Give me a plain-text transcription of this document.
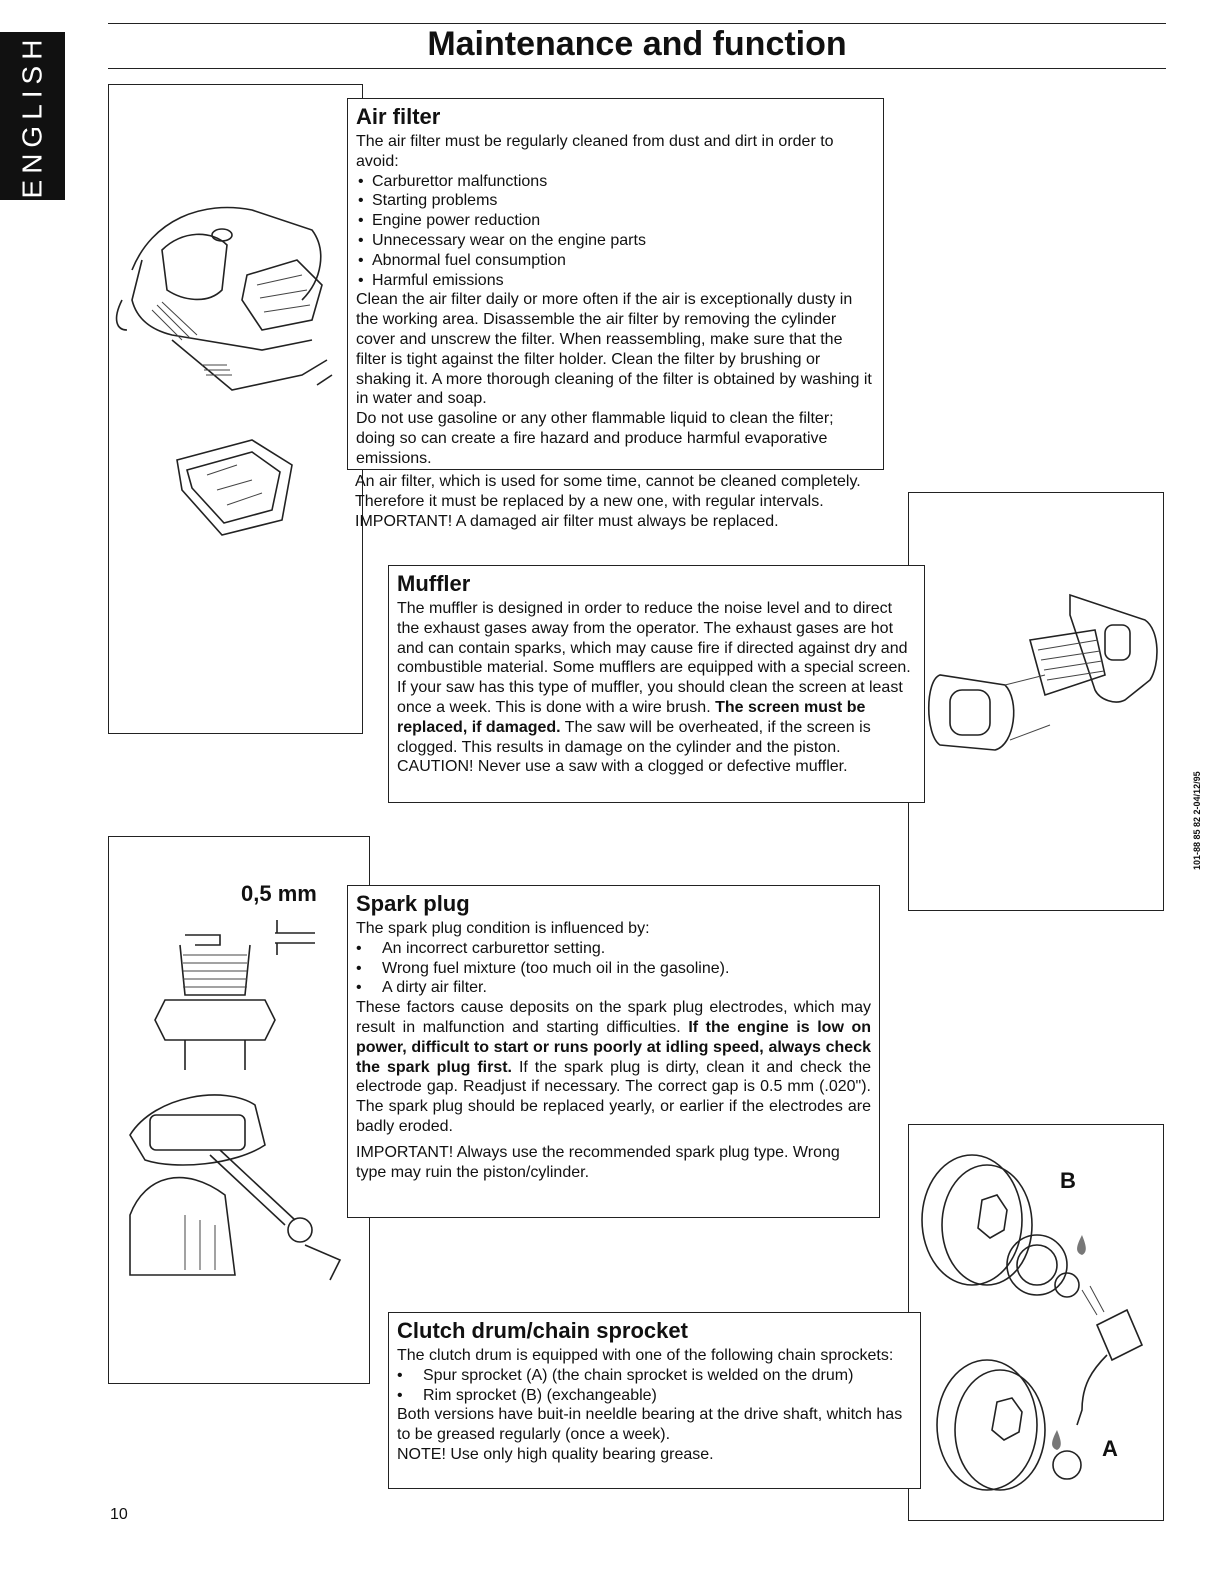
ENGLISH	Maintenance and function
0,5 mm
B
A
Air filter

The air filter must be regularly cleaned from dust and dirt in order to avoid:

• Carburettor malfunctions
• Starting problems
• Engine power reduction
• Unnecessary wear on the engine parts
• Abnormal fuel consumption
• Harmful emissions

Clean the air filter daily or more often if the air is exceptionally dusty in the working area. Disassemble the air filter by removing the cylinder cover and unscrew the filter. When reassembling, make sure that the filter is tight against the filter holder. Clean the filter by brushing or shaking it. A more thorough cleaning of the filter is obtained by washing it in water and soap.

Do not use gasoline or any other flammable liquid to clean the filter; doing so can create a fire hazard and produce harmful evaporative emissions.

An air filter, which is used for some time, cannot be cleaned completely. Therefore it must be replaced by a new one, with regular intervals.

IMPORTANT! A damaged air filter must always be replaced.

Muffler

The muffler is designed in order to reduce the noise level and to direct the exhaust gases away from the operator. The exhaust gases are hot and can contain sparks, which may cause fire if directed against dry and combustible material. Some mufflers are equipped with a special screen. If your saw has this type of muffler, you should clean the screen at least once a week. This is done with a wire brush. The screen must be replaced, if damaged. The saw will be overheated, if the screen is clogged. This results in damage on the cylinder and the piston.

CAUTION! Never use a saw with a clogged or defective muffler.

Spark plug

The spark plug condition is influenced by:

• An incorrect carburettor setting.
• Wrong fuel mixture (too much oil in the gasoline).
• A dirty air filter.

These factors cause deposits on the spark plug electrodes, which may result in malfunction and starting difficulties. If the engine is low on power, difficult to start or runs poorly at idling speed, always check the spark plug first. If the spark plug is dirty, clean it and check the electrode gap. Readjust if necessary. The correct gap is 0.5 mm (.020"). The spark plug should be replaced yearly, or earlier if the electrodes are badly eroded.

IMPORTANT! Always use the recommended spark plug type. Wrong type may ruin the piston/cylinder.

Clutch drum/chain sprocket

The clutch drum is equipped with one of the following chain sprockets:

• Spur sprocket (A) (the chain sprocket is welded on the drum)
• Rim sprocket (B) (exchangeable)

Both versions have buit-in neeldle bearing at the drive shaft, whitch has to be greased regularly (once a week).

NOTE! Use only high quality bearing grease.

101-88 85 82 2-04/12/95
10
